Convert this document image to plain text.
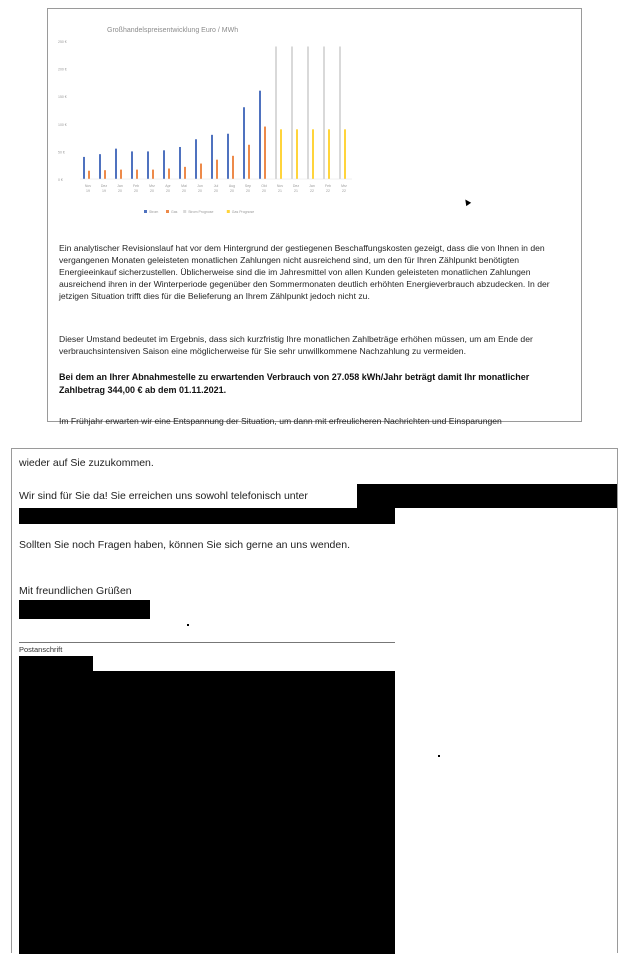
Großhandelspreisentwicklung Euro / MWh
250 €
200 €
150 €
100 €
50 €
0 €
Nov
19
Dez
19
Jan
20
Feb
20
Mrz
20
Apr
20
Mai
20
Jun
20
Jul
20
Aug
20
Sep
20
Okt
20
Nov
21
Dez
21
Jan
22
Feb
22
Mrz
22
Strom	Gas	Strom Prognose	Gas Prognose

Ein analytischer Revisionslauf hat vor dem Hintergrund der gestiegenen Beschaffungskosten gezeigt, dass die von Ihnen in den vergangenen Monaten geleisteten monatlichen Zahlungen nicht ausreichend sind, um den für Ihren Zählpunkt benötigten Energieeinkauf sicherzustellen. Üblicherweise sind die im Jahresmittel von allen Kunden geleisteten monatlichen Zahlungen ausreichend ihren in der Winterperiode gegenüber den Sommermonaten deutlich erhöhten Energieverbrauch abzudecken. In der jetzigen Situation trifft dies für die Belieferung an Ihrem Zählpunkt jedoch nicht zu.

Dieser Umstand bedeutet im Ergebnis, dass sich kurzfristig Ihre monatlichen Zahlbeträge erhöhen müssen, um am Ende der verbrauchsintensiven Saison eine möglicherweise für Sie sehr unwillkommene Nachzahlung zu vermeiden.

Bei dem an Ihrer Abnahmestelle zu erwartenden Verbrauch von 27.058 kWh/Jahr beträgt damit Ihr monatlicher Zahlbetrag 344,00 € ab dem 01.11.2021.

Im Frühjahr erwarten wir eine Entspannung der Situation, um dann mit erfreulicheren Nachrichten und Einsparungen

wieder auf Sie zuzukommen.
Wir sind für Sie da! Sie erreichen uns sowohl telefonisch unter
Sollten Sie noch Fragen haben, können Sie sich gerne an uns wenden.
Mit freundlichen Grüßen
Postanschrift
